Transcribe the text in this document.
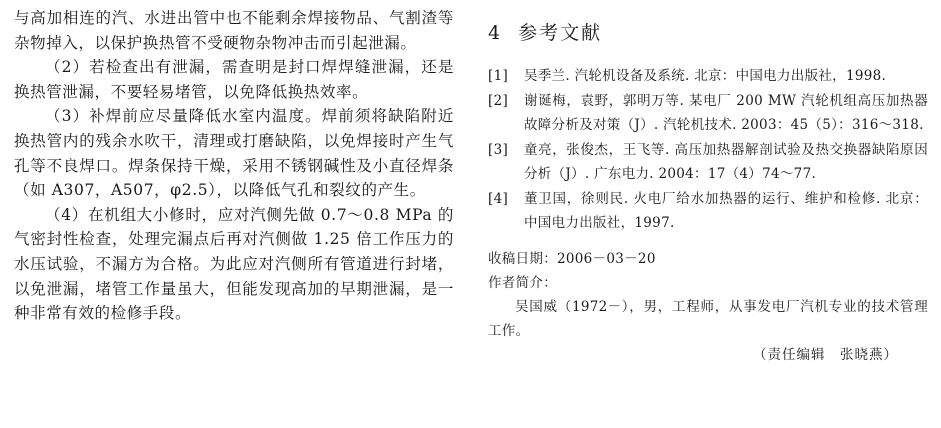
与高加相连的汽、水进出管中也不能剩余焊接物品、气割渣等杂物掉入，以保护换热管不受硬物杂物冲击而引起泄漏。

（2）若检查出有泄漏，需查明是封口焊焊缝泄漏，还是换热管泄漏，不要轻易堵管，以免降低换热效率。

（3）补焊前应尽量降低水室内温度。焊前须将缺陷附近换热管内的残余水吹干，清理或打磨缺陷，以免焊接时产生气孔等不良焊口。焊条保持干燥，采用不锈钢碱性及小直径焊条（如 A307，A507，φ2.5），以降低气孔和裂纹的产生。

（4）在机组大小修时，应对汽侧先做 0.7～0.8 MPa 的气密封性检查，处理完漏点后再对汽侧做 1.25 倍工作压力的水压试验，不漏方为合格。为此应对汽侧所有管道进行封堵，以免泄漏，堵管工作量虽大，但能发现高加的早期泄漏，是一种非常有效的检修手段。

4 参考文献
[1]	吴季兰. 汽轮机设备及系统. 北京：中国电力出版社，1998.
[2]	谢诞梅，袁野，郭明万等. 某电厂 200 MW 汽轮机组高压加热器故障分析及对策（J）. 汽轮机技术. 2003：45（5）：316～318.
[3]	童亮，张俊杰，王飞等. 高压加热器解剖试验及热交换器缺陷原因分析（J）. 广东电力. 2004：17（4）74～77.
[4]	董卫国，徐则民. 火电厂给水加热器的运行、维护和检修. 北京：中国电力出版社，1997.

收稿日期：2006－03－20

作者简介：

吴国威（1972－），男，工程师，从事发电厂汽机专业的技术管理工作。

（责任编辑　张晓燕）
